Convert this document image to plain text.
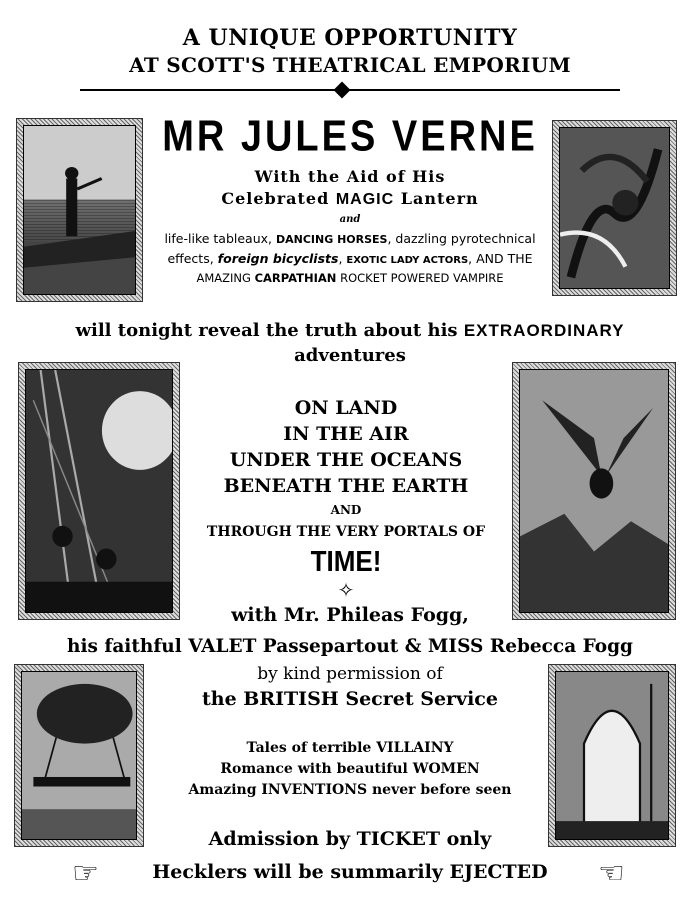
A UNIQUE OPPORTUNITY
AT SCOTT'S THEATRICAL EMPORIUM
MR JULES VERNE
With the Aid of His
Celebrated MAGIC Lantern
and
life-like tableaux, DANCING HORSES, dazzling pyrotechnical
effects, foreign bicyclists, EXOTIC LADY ACTORS, AND THE
AMAZING CARPATHIAN ROCKET POWERED VAMPIRE
will tonight reveal the truth about his EXTRAORDINARY
adventures
ON LAND
IN THE AIR
UNDER THE OCEANS
BENEATH THE EARTH
AND
THROUGH THE VERY PORTALS OF
TIME!
✧
with Mr. Phileas Fogg,
his faithful VALET Passepartout & MISS Rebecca Fogg
by kind permission of
the BRITISH Secret Service
Tales of terrible VILLAINY
Romance with beautiful WOMEN
Amazing INVENTIONS never before seen
Admission by TICKET only
☞	Hecklers will be summarily EJECTED	☜
